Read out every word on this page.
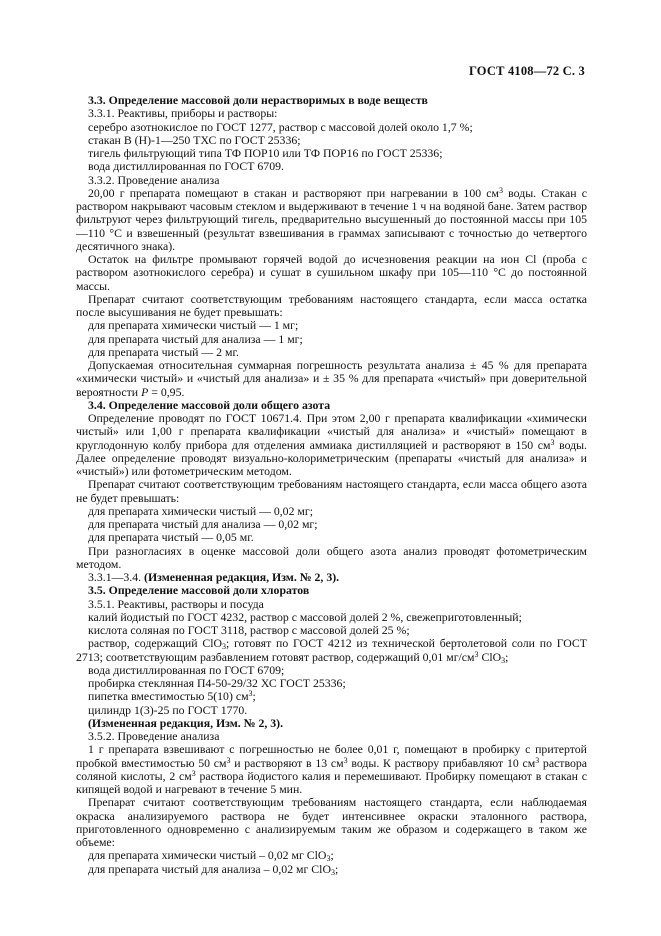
ГОСТ 4108—72 С. 3
3.3. Определение массовой доли нерастворимых в воде веществ
3.3.1. Реактивы, приборы и растворы:
серебро азотнокислое по ГОСТ 1277, раствор с массовой долей около 1,7 %;
стакан В (Н)-1—250 ТХС по ГОСТ 25336;
тигель фильтрующий типа ТФ ПОР10 или ТФ ПОР16 по ГОСТ 25336;
вода дистиллированная по ГОСТ 6709.
3.3.2. Проведение анализа
20,00 г препарата помещают в стакан и растворяют при нагревании в 100 $см^3$ воды. Стакан с раствором накрывают часовым стеклом и выдерживают в течение 1 ч на водяной бане. Затем раствор фильтруют через фильтрующий тигель, предварительно высушенный до постоянной массы при 105—110 °С и взвешенный (результат взвешивания в граммах записывают с точностью до четвертого десятичного знака).
Остаток на фильтре промывают горячей водой до исчезновения реакции на ион Cl (проба с раствором азотнокислого серебра) и сушат в сушильном шкафу при 105—110 °С до постоянной массы.
Препарат считают соответствующим требованиям настоящего стандарта, если масса остатка после высушивания не будет превышать:
для препарата химически чистый — 1 мг;
для препарата чистый для анализа — 1 мг;
для препарата чистый — 2 мг.
Допускаемая относительная суммарная погрешность результата анализа ± 45 % для препарата «химически чистый» и «чистый для анализа» и ± 35 % для препарата «чистый» при доверительной вероятности P = 0,95.
3.4. Определение массовой доли общего азота
Определение проводят по ГОСТ 10671.4. При этом 2,00 г препарата квалификации «химически чистый» или 1,00 г препарата квалификации «чистый для анализа» и «чистый» помещают в круглодонную колбу прибора для отделения аммиака дистилляцией и растворяют в 150 $см^3$ воды. Далее определение проводят визуально-колориметрическим (препараты «чистый для анализа» и «чистый») или фотометрическим методом.
Препарат считают соответствующим требованиям настоящего стандарта, если масса общего азота не будет превышать:
для препарата химически чистый — 0,02 мг;
для препарата чистый для анализа — 0,02 мг;
для препарата чистый — 0,05 мг.
При разногласиях в оценке массовой доли общего азота анализ проводят фотометрическим методом.
3.3.1—3.4. (Измененная редакция, Изм. № 2, 3).
3.5. Определение массовой доли хлоратов
3.5.1. Реактивы, растворы и посуда
калий йодистый по ГОСТ 4232, раствор с массовой долей 2 %, свежеприготовленный;
кислота соляная по ГОСТ 3118, раствор с массовой долей 25 %;
раствор, содержащий ClO$_3$; готовят по ГОСТ 4212 из технической бертолетовой соли по ГОСТ 2713; соответствующим разбавлением готовят раствор, содержащий 0,01 $мг/см^3$ ClO$_3$;
вода дистиллированная по ГОСТ 6709;
пробирка стеклянная П4-50-29/32 ХС ГОСТ 25336;
пипетка вместимостью 5(10) $см^3$;
цилиндр 1(3)-25 по ГОСТ 1770.
(Измененная редакция, Изм. № 2, 3).
3.5.2. Проведение анализа
1 г препарата взвешивают с погрешностью не более 0,01 г, помещают в пробирку с притертой пробкой вместимостью 50 $см^3$ и растворяют в 13 $см^3$ воды. К раствору прибавляют 10 $см^3$ раствора соляной кислоты, 2 $см^3$ раствора йодистого калия и перемешивают. Пробирку помещают в стакан с кипящей водой и нагревают в течение 5 мин.
Препарат считают соответствующим требованиям настоящего стандарта, если наблюдаемая окраска анализируемого раствора не будет интенсивнее окраски эталонного раствора, приготовленного одновременно с анализируемым таким же образом и содержащего в таком же объеме:
для препарата химически чистый – 0,02 мг ClO$_3$;
для препарата чистый для анализа – 0,02 мг ClO$_3$;
